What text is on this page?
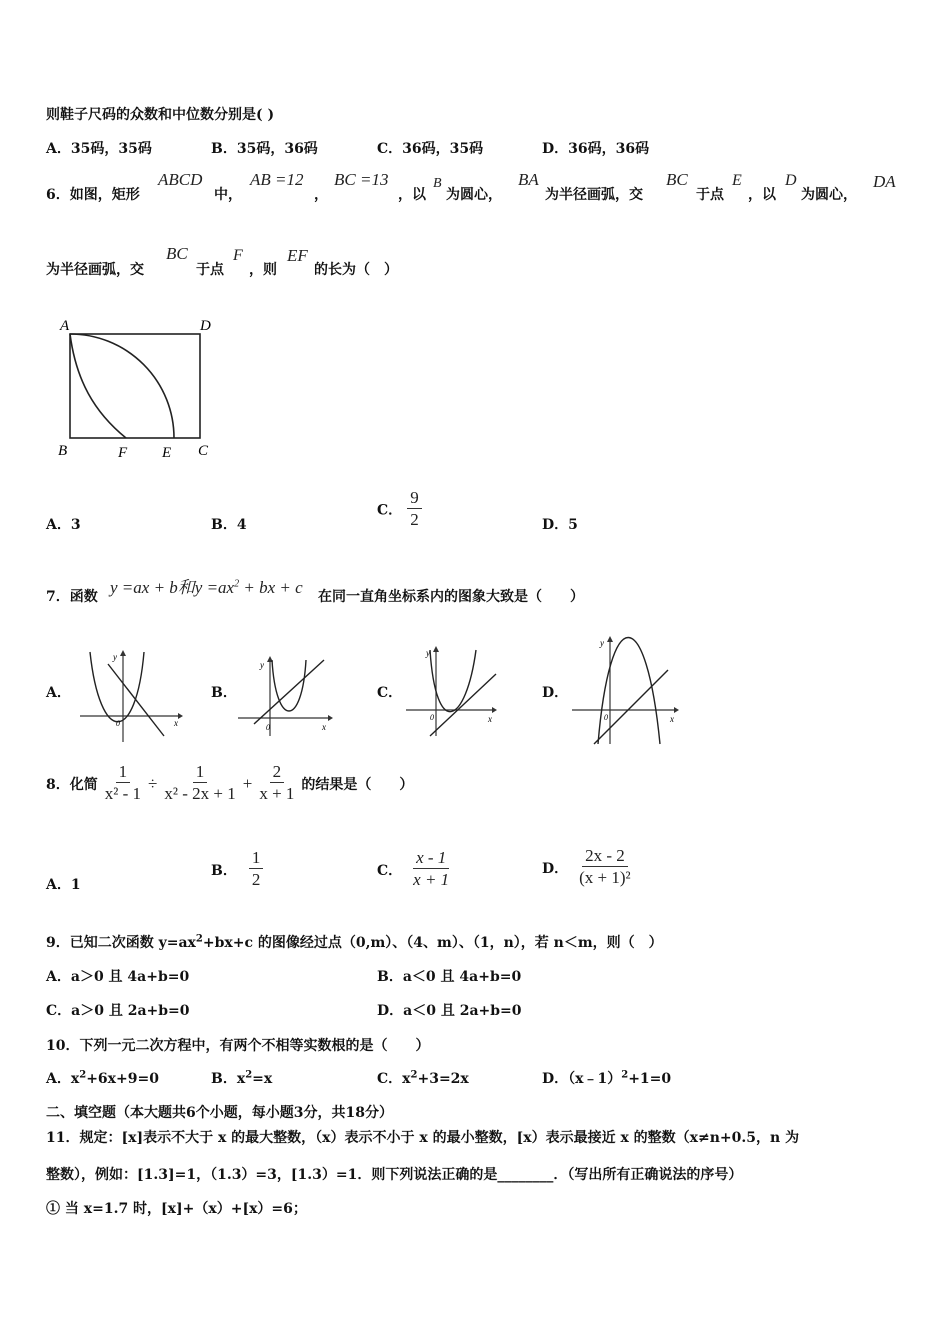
则鞋子尺码的众数和中位数分别是( )
A．35码，35码	B．35码，36码	C．36码，35码	D．36码，36码
6．如图，矩形
ABCD
中，
AB =12
，
BC =13
，以
B
为圆心，
BA
为半径画弧，交
BC
于点
E
，以
D
为圆心，
DA
为半径画弧，交
BC
于点
F
，则
EF
的长为（　）
A	D
B	F E C
A．3	B．4
C． $\frac{9}{2}$	D．5
7．函数 y =ax + b和$y =ax^2$ + bx + c 在同一直角坐标系内的图象大致是（　　）
A．
y
x
0
B．
y
x
0
C．
y
x
0
D．
y
x
0
8．化简 $\frac{1}{\text{x² - 1}} \div \frac{1}{\text{x² - 2x + 1}} + \frac{2}{x + 1}$ 的结果是（　　）
A．1
B． $\frac{1}{2}$	C． $\frac{x - 1}{x + 1}$	D． $\frac{2x - 2}{\text{(x + 1)²}}$
9．已知二次函数 $y=ax^2+bx+c$ 的图像经过点（0,m）、（4、m）、（1，n），若 n＜m，则（　）
A．a＞0 且 4a+b=0	B．a＜0 且 4a+b=0
C．a＞0 且 2a+b=0	D．a＜0 且 2a+b=0
10．下列一元二次方程中，有两个不相等实数根的是（　　）
A．$x^2+6x+9=0$	B．$x^2=x$	C．$x^2+3=2x$	D．（x﹣1）$^2$+1=0
二、填空题（本大题共6个小题，每小题3分，共18分）
11．规定：[x]表示不大于 x 的最大整数，（x）表示不小于 x 的最小整数，[x）表示最接近 x 的整数（x≠n+0.5，n 为
整数），例如：[1.3]=1，（1.3）=3，[1.3）=1．则下列说法正确的是________．（写出所有正确说法的序号）
① 当 x=1.7 时，[x]+（x）+[x）=6；
